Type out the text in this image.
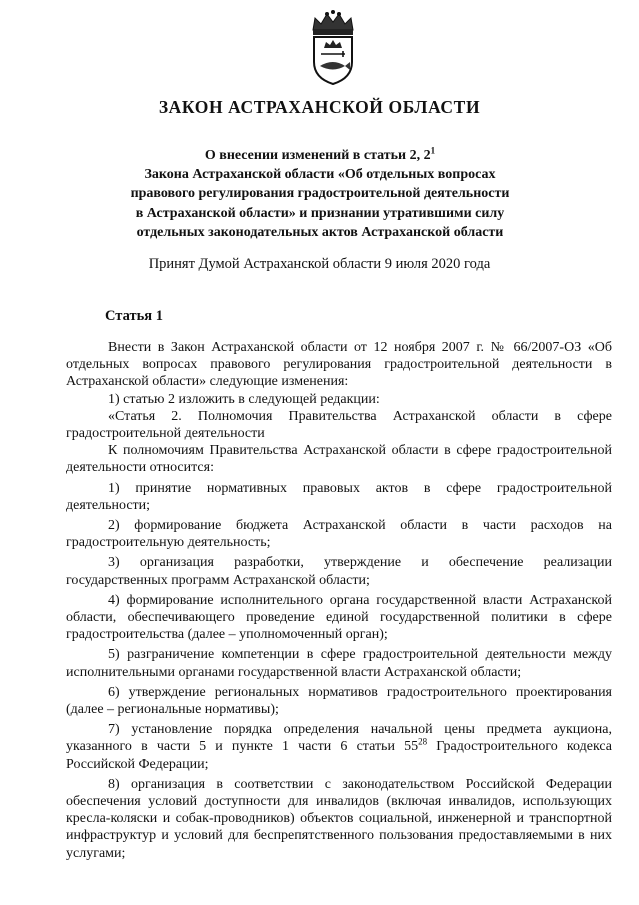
ЗАКОН АСТРАХАНСКОЙ ОБЛАСТИ
О внесении изменений в статьи 2, $2^1$
Закона Астраханской области «Об отдельных вопросах
правового регулирования градостроительной деятельности
в Астраханской области» и признании утратившими силу
отдельных законодательных актов Астраханской области
Принят Думой Астраханской области 9 июля 2020 года
Статья 1

Внести в Закон Астраханской области от 12 ноября 2007 г. № 66/2007-ОЗ «Об отдельных вопросах правового регулирования градостроительной деятельности в Астраханской области» следующие изменения:

1) статью 2 изложить в следующей редакции:

«Статья 2. Полномочия Правительства Астраханской области в сфере градостроительной деятельности

К полномочиям Правительства Астраханской области в сфере градостроительной деятельности относится:

1) принятие нормативных правовых актов в сфере градостроительной деятельности;

2) формирование бюджета Астраханской области в части расходов на градостроительную деятельность;

3) организация разработки, утверждение и обеспечение реализации государственных программ Астраханской области;

4) формирование исполнительного органа государственной власти Астраханской области, обеспечивающего проведение единой государственной политики в сфере градостроительства (далее – уполномоченный орган);

5) разграничение компетенции в сфере градостроительной деятельности между исполнительными органами государственной власти Астраханской области;

6) утверждение региональных нормативов градостроительного проектирования (далее – региональные нормативы);

7) установление порядка определения начальной цены предмета аукциона, указанного в части 5 и пункте 1 части 6 статьи $55^{28}$ Градостроительного кодекса Российской Федерации;

8) организация в соответствии с законодательством Российской Федерации обеспечения условий доступности для инвалидов (включая инвалидов, использующих кресла-коляски и собак-проводников) объектов социальной, инженерной и транспортной инфраструктур и условий для беспрепятственного пользования предоставляемыми в них услугами;
